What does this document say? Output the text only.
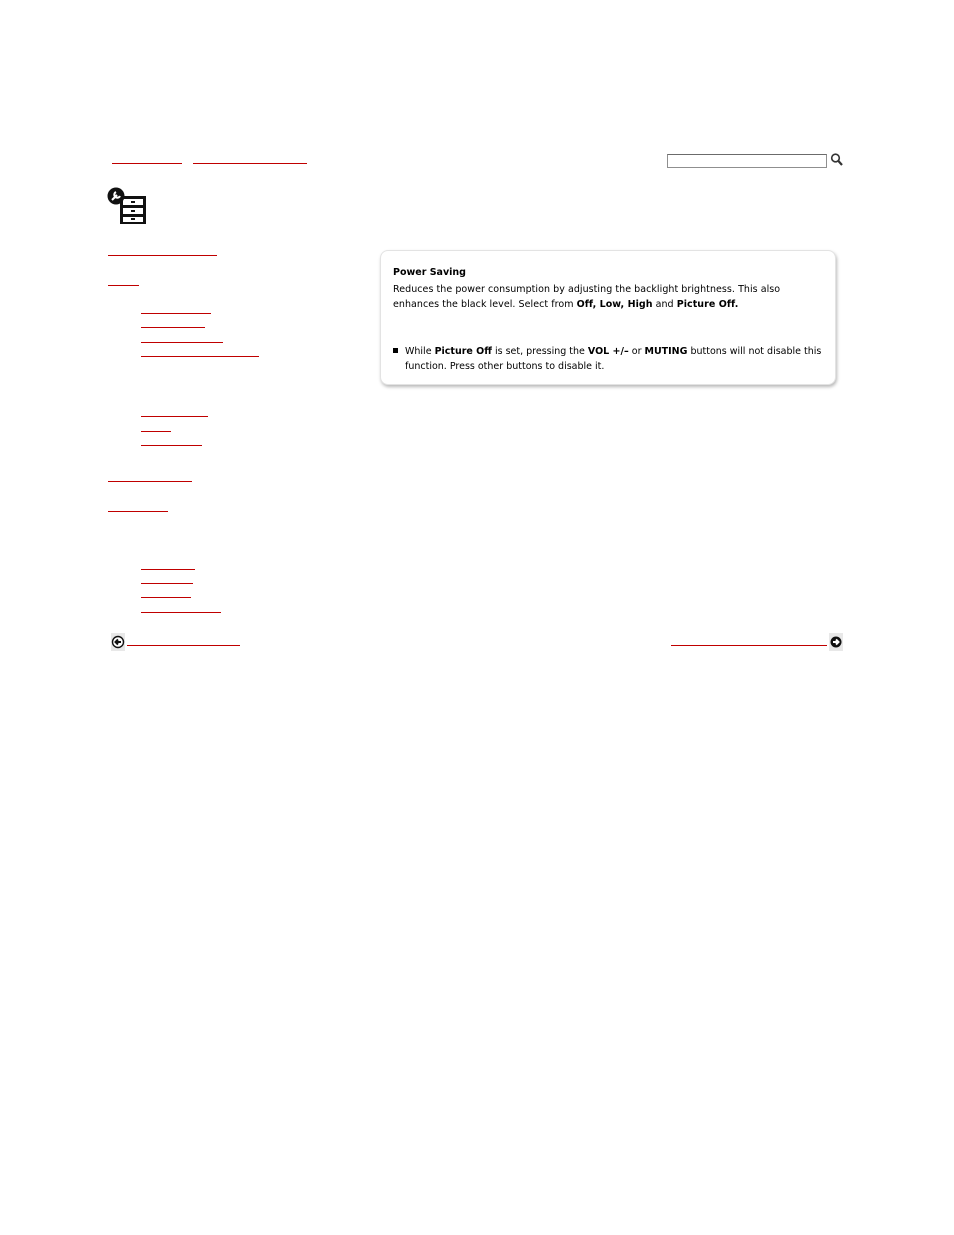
Power Saving
Reduces the power consumption by adjusting the backlight brightness. This also enhances the black level. Select from Off, Low, High and Picture Off.
While Picture Off is set, pressing the VOL +/– or MUTING buttons will not disable this function. Press other buttons to disable it.
